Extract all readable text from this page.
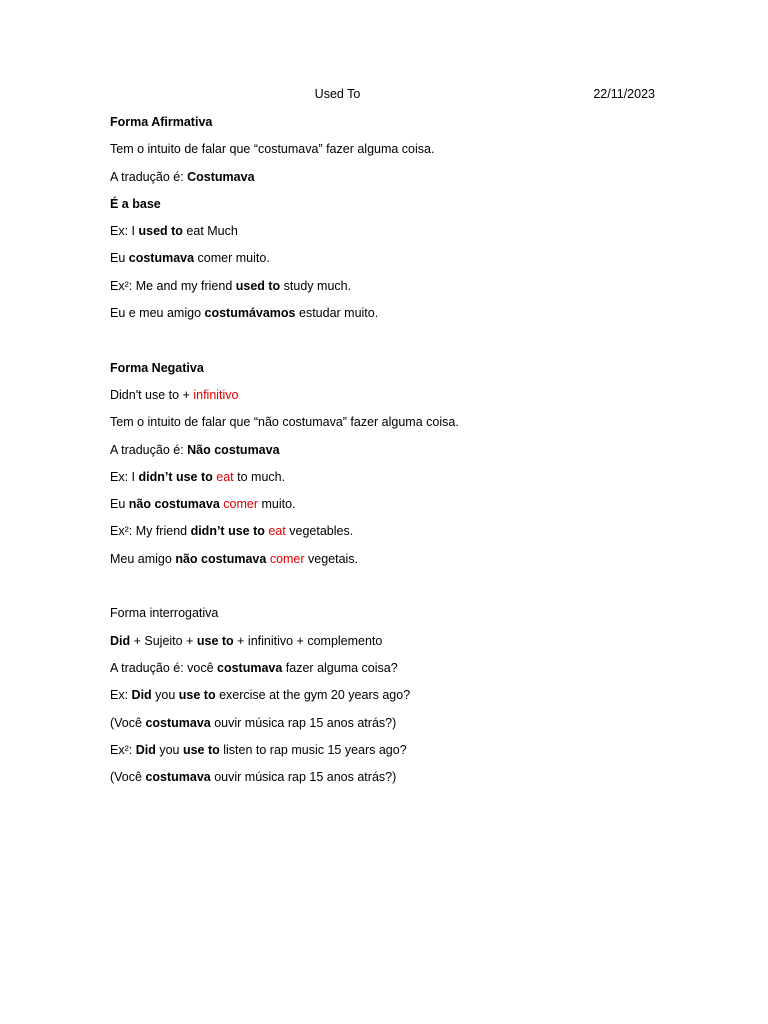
Used To	22/11/2023
Forma Afirmativa
Tem o intuito de falar que “costumava” fazer alguma coisa.
A tradução é: Costumava
É a base
Ex: I used to eat Much
Eu costumava comer muito.
Ex²: Me and my friend used to study much.
Eu e meu amigo costumávamos estudar muito.
Forma Negativa
Didn't use to + infinitivo
Tem o intuito de falar que “não costumava” fazer alguma coisa.
A tradução é: Não costumava
Ex: I didn’t use to eat to much.
Eu não costumava comer muito.
Ex²: My friend didn’t use to eat vegetables.
Meu amigo não costumava comer vegetais.
Forma interrogativa
Did + Sujeito + use to + infinitivo + complemento
A tradução é: você costumava fazer alguma coisa?
Ex: Did you use to exercise at the gym 20 years ago?
(Você costumava ouvir música rap 15 anos atrás?)
Ex²: Did you use to listen to rap music 15 years ago?
(Você costumava ouvir música rap 15 anos atrás?)
